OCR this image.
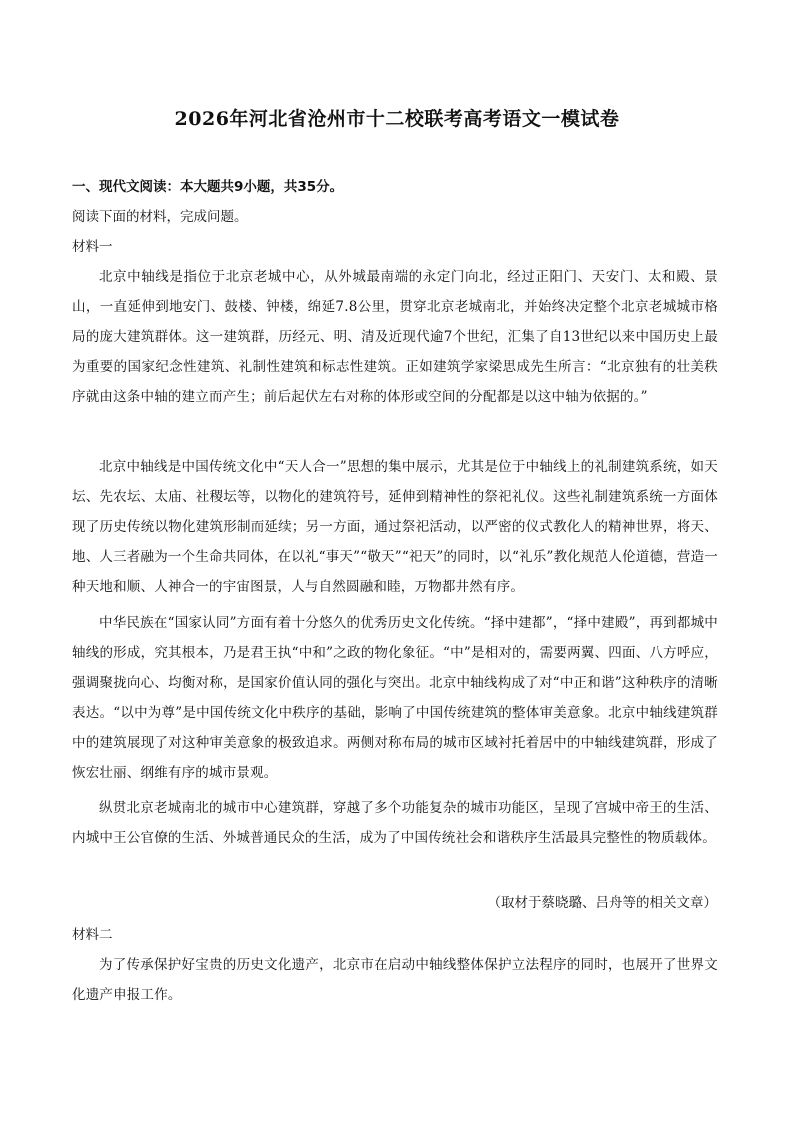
2026年河北省沧州市十二校联考高考语文一模试卷
一、现代文阅读：本大题共9小题，共35分。
阅读下面的材料，完成问题。
材料一
北京中轴线是指位于北京老城中心，从外城最南端的永定门向北，经过正阳门、天安门、太和殿、景山，一直延伸到地安门、鼓楼、钟楼，绵延7.8公里，贯穿北京老城南北，并始终决定整个北京老城城市格局的庞大建筑群体。这一建筑群，历经元、明、清及近现代逾7个世纪，汇集了自13世纪以来中国历史上最为重要的国家纪念性建筑、礼制性建筑和标志性建筑。正如建筑学家梁思成先生所言：“北京独有的壮美秩序就由这条中轴的建立而产生；前后起伏左右对称的体形或空间的分配都是以这中轴为依据的。”
北京中轴线是中国传统文化中“天人合一”思想的集中展示，尤其是位于中轴线上的礼制建筑系统，如天坛、先农坛、太庙、社稷坛等，以物化的建筑符号，延伸到精神性的祭祀礼仪。这些礼制建筑系统一方面体现了历史传统以物化建筑形制而延续；另一方面，通过祭祀活动，以严密的仪式教化人的精神世界，将天、地、人三者融为一个生命共同体，在以礼“事天”“敬天”“祀天”的同时，以“礼乐”教化规范人伦道德，营造一种天地和顺、人神合一的宇宙图景，人与自然圆融和睦，万物都井然有序。
中华民族在“国家认同”方面有着十分悠久的优秀历史文化传统。“择中建都”，“择中建殿”，再到都城中轴线的形成，究其根本，乃是君王执“中和”之政的物化象征。“中”是相对的，需要两翼、四面、八方呼应，强调聚拢向心、均衡对称，是国家价值认同的强化与突出。北京中轴线构成了对“中正和谐”这种秩序的清晰表达。“以中为尊”是中国传统文化中秩序的基础，影响了中国传统建筑的整体审美意象。北京中轴线建筑群中的建筑展现了对这种审美意象的极致追求。两侧对称布局的城市区域衬托着居中的中轴线建筑群，形成了恢宏壮丽、纲维有序的城市景观。
纵贯北京老城南北的城市中心建筑群，穿越了多个功能复杂的城市功能区，呈现了宫城中帝王的生活、内城中王公官僚的生活、外城普通民众的生活，成为了中国传统社会和谐秩序生活最具完整性的物质载体。
（取材于蔡晓璐、吕舟等的相关文章）
材料二
为了传承保护好宝贵的历史文化遗产，北京市在启动中轴线整体保护立法程序的同时，也展开了世界文化遗产申报工作。
